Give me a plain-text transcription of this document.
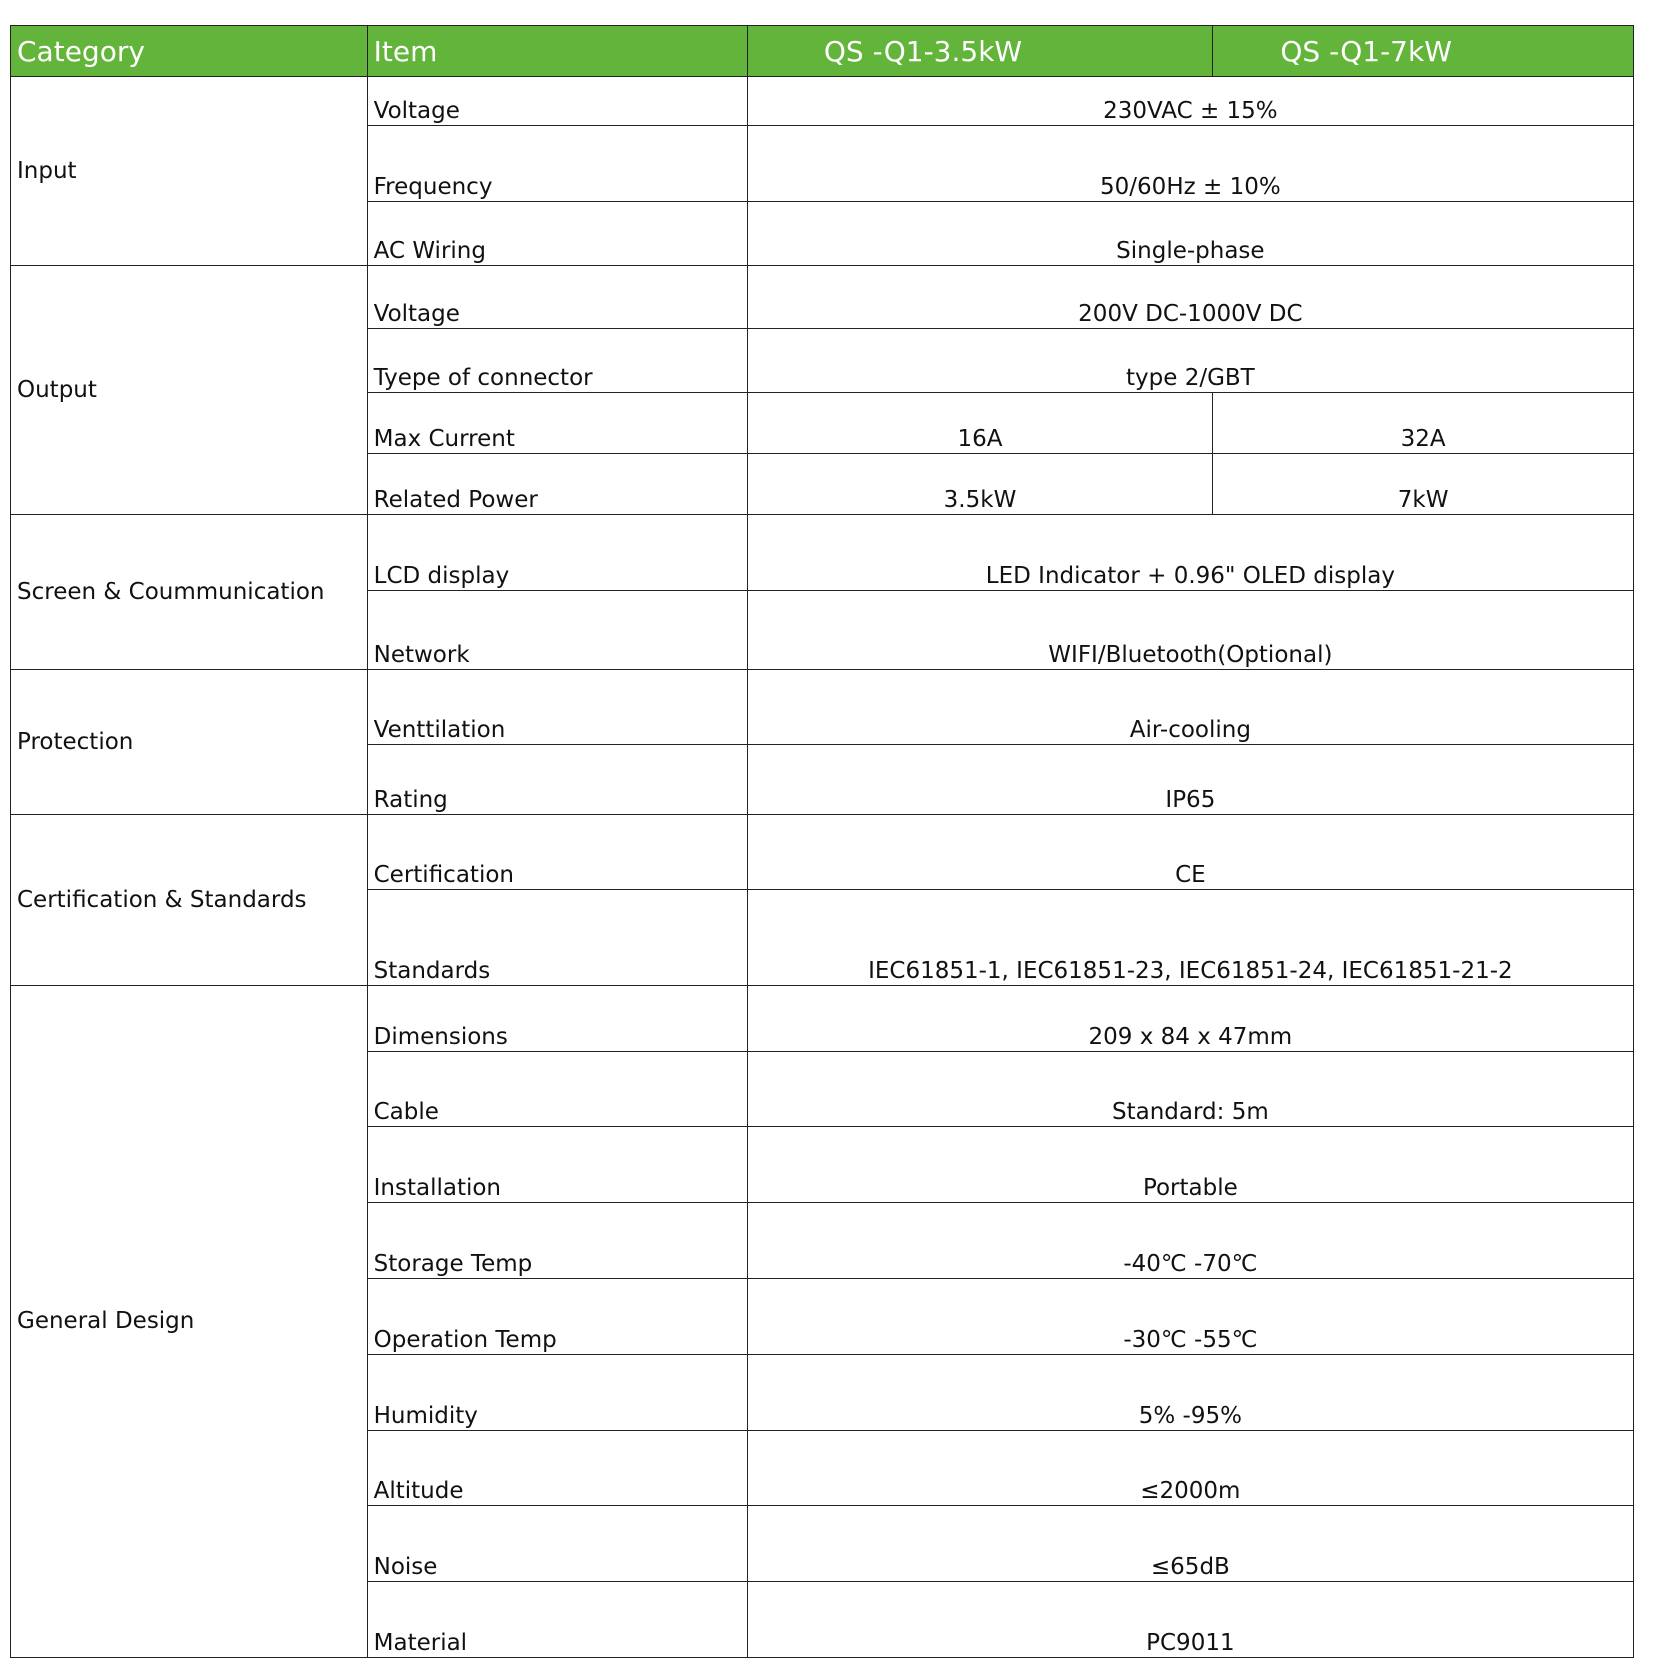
Category	Item	QS -Q1-3.5kW	QS -Q1-7kW
Input	Voltage	230VAC ± 15%	
	Frequency	50/60Hz ± 10%	
	AC Wiring	Single-phase	
Output	Voltage	200V DC-1000V DC	
	Tyepe of connector	type 2/GBT	
	Max Current	16A	32A
	Related Power	3.5kW	7kW
Screen & Coummunication	LCD display	LED Indicator + 0.96" OLED display	
	Network	WIFI/Bluetooth(Optional)	
Protection	Venttilation	Air-cooling	
	Rating	IP65	
Certification & Standards	Certification	CE	
	Standards	IEC61851-1, IEC61851-23, IEC61851-24, IEC61851-21-2	
General Design	Dimensions	209 x 84 x 47mm	
	Cable	Standard: 5m	
	Installation	Portable	
	Storage Temp	-40℃ -70℃	
	Operation Temp	-30℃ -55℃	
	Humidity	5% -95%	
	Altitude	≤2000m	
	Noise	≤65dB	
	Material	PC9011	
